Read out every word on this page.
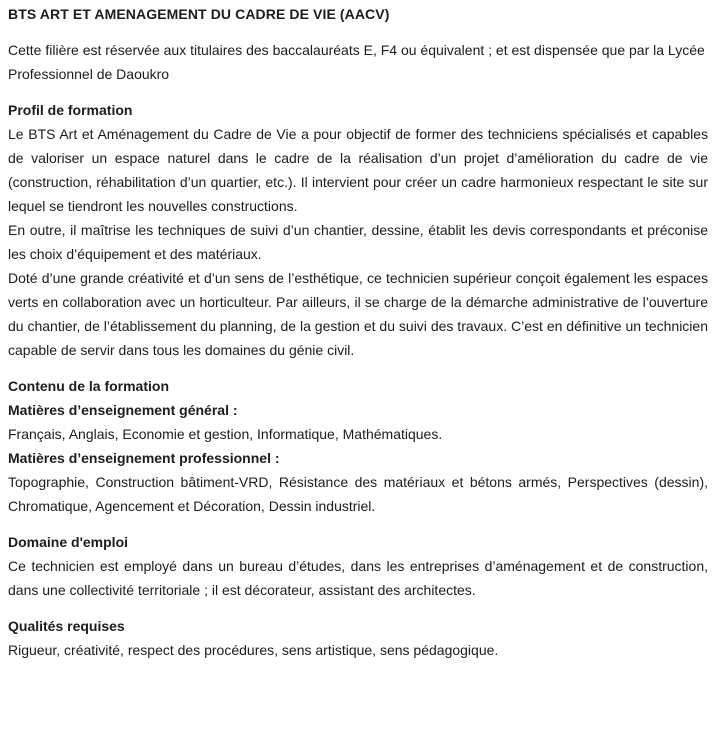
BTS ART ET AMENAGEMENT DU CADRE DE VIE (AACV)

Cette filière est réservée aux titulaires des baccalauréats E, F4 ou équivalent ; et est dispensée que par la Lycée Professionnel de Daoukro

Profil de formation

Le BTS Art et Aménagement du Cadre de Vie a pour objectif de former des techniciens spécialisés et capables de valoriser un espace naturel dans le cadre de la réalisation d’un projet d’amélioration du cadre de vie (construction, réhabilitation d’un quartier, etc.). Il intervient pour créer un cadre harmonieux respectant le site sur lequel se tiendront les nouvelles constructions.

En outre, il maîtrise les techniques de suivi d’un chantier, dessine, établit les devis correspondants et préconise les choix d’équipement et des matériaux.

Doté d’une grande créativité et d’un sens de l’esthétique, ce technicien supérieur conçoit également les espaces verts en collaboration avec un horticulteur. Par ailleurs, il se charge de la démarche administrative de l’ouverture du chantier, de l’établissement du planning, de la gestion et du suivi des travaux. C’est en définitive un technicien capable de servir dans tous les domaines du génie civil.

Contenu de la formation
Matières d’enseignement général :

Français, Anglais, Economie et gestion, Informatique, Mathématiques.

Matières d’enseignement professionnel :

Topographie, Construction bâtiment-VRD, Résistance des matériaux et bétons armés, Perspectives (dessin), Chromatique, Agencement et Décoration, Dessin industriel.

Domaine d'emploi

Ce technicien est employé dans un bureau d’études, dans les entreprises d’aménagement et de construction, dans une collectivité territoriale ; il est décorateur, assistant des architectes.

Qualités requises

Rigueur, créativité, respect des procédures, sens artistique, sens pédagogique.
